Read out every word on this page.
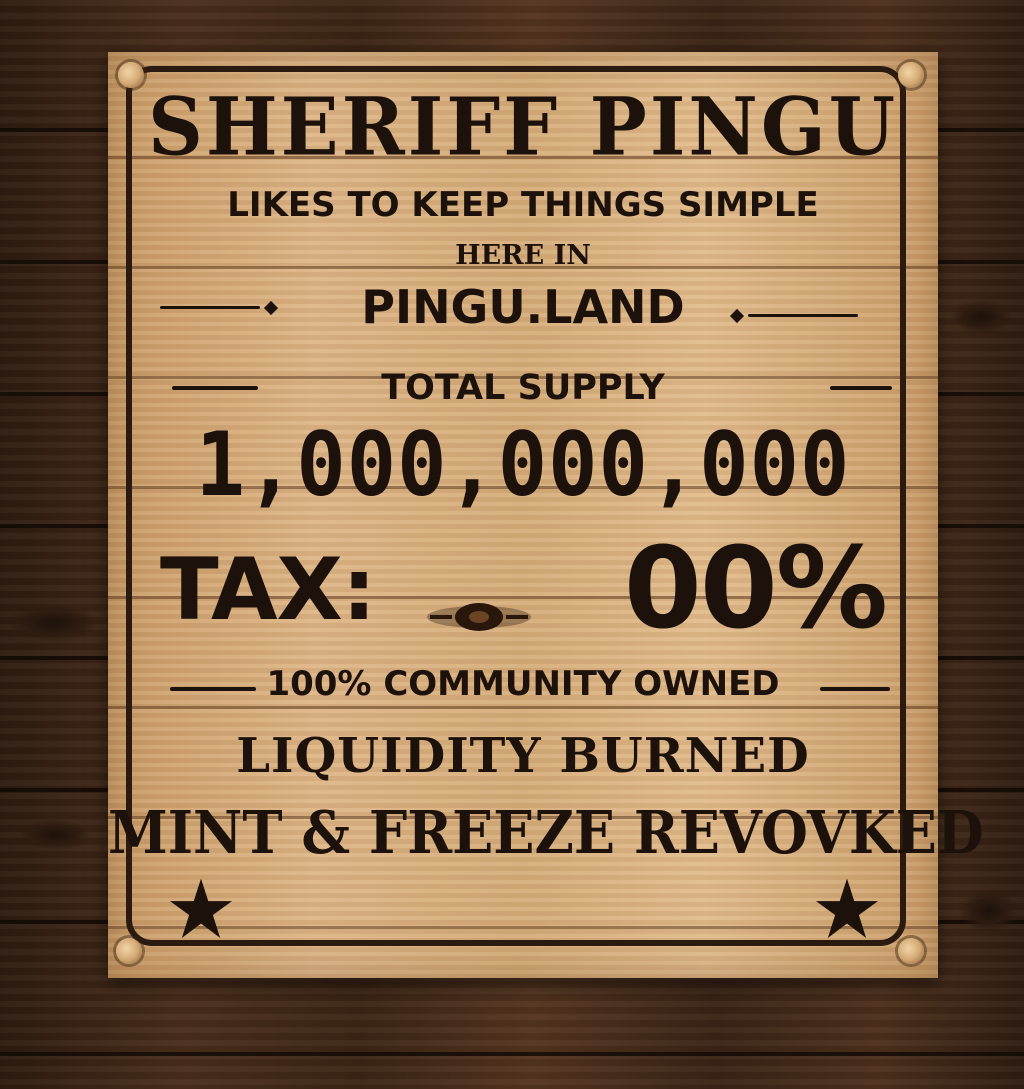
SHERIFF PINGU

LIKES TO KEEP THINGS SIMPLE

HERE IN

PINGU.LAND

TOTAL SUPPLY

1,000,000,000

TAX: 00%

100% COMMUNITY OWNED

LIQUIDITY BURNED

MINT & FREEZE REVOVKED
